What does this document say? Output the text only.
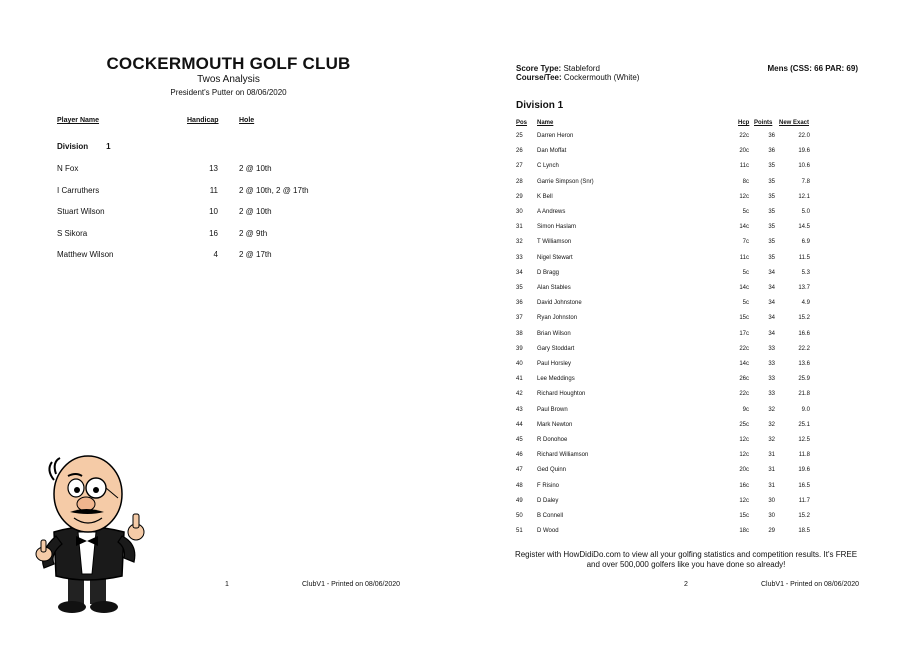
COCKERMOUTH GOLF CLUB
Twos Analysis
President's Putter on 08/06/2020
Player Name	Handicap	Hole
Division 1
N Fox	13	2 @ 10th
I Carruthers	11	2 @ 10th, 2 @ 17th
Stuart Wilson	10	2 @ 10th
S Sikora	16	2 @ 9th
Matthew Wilson	4	2 @ 17th
1	ClubV1 - Printed on 08/06/2020
Score Type: Stableford
Course/Tee: Cockermouth (White)
Mens (CSS: 66 PAR: 69)
Division 1
Pos Name	Hcp Points New Exact
25 Darren Heron	22c	36	22.0
26 Dan Moffat	20c	36	19.6
27 C Lynch	11c	35	10.6
28 Garrie Simpson (Snr)	8c	35	7.8
29 K Bell	12c	35	12.1
30 A Andrews	5c	35	5.0
31 Simon Haslam	14c	35	14.5
32 T Williamson	7c	35	6.9
33 Nigel Stewart	11c	35	11.5
34 D Bragg	5c	34	5.3
35 Alan Stables	14c	34	13.7
36 David Johnstone	5c	34	4.9
37 Ryan Johnston	15c	34	15.2
38 Brian Wilson	17c	34	16.6
39 Gary Stoddart	22c	33	22.2
40 Paul Horsley	14c	33	13.6
41 Lee Meddings	26c	33	25.9
42 Richard Houghton	22c	33	21.8
43 Paul Brown	9c	32	9.0
44 Mark Newton	25c	32	25.1
45 R Donohoe	12c	32	12.5
46 Richard Williamson	12c	31	11.8
47 Ged Quinn	20c	31	19.6
48 F Risino	16c	31	16.5
49 D Daley	12c	30	11.7
50 B Connell	15c	30	15.2
51 D Wood	18c	29	18.5
Register with HowDidiDo.com to view all your golfing statistics and competition results. It's FREE
and over 500,000 golfers like you have done so already!
2	ClubV1 - Printed on 08/06/2020
